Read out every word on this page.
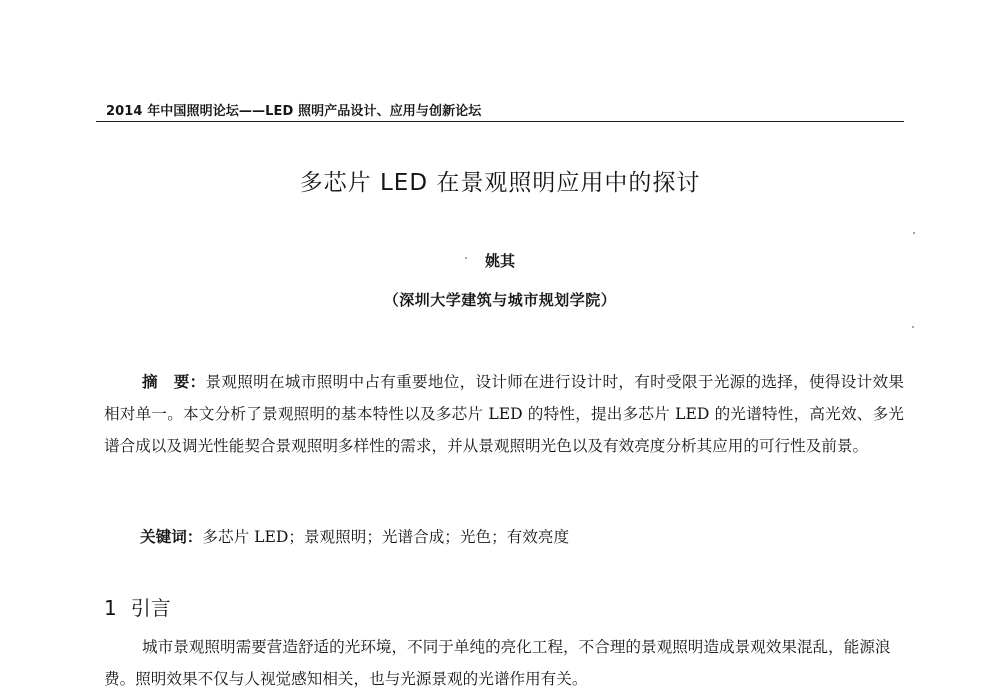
2014 年中国照明论坛——LED 照明产品设计、应用与创新论坛
多芯片 LED 在景观照明应用中的探讨
姚其
（深圳大学建筑与城市规划学院）

摘　要：景观照明在城市照明中占有重要地位，设计师在进行设计时，有时受限于光源的选择，使得设计效果相对单一。本文分析了景观照明的基本特性以及多芯片 LED 的特性，提出多芯片 LED 的光谱特性，高光效、多光谱合成以及调光性能契合景观照明多样性的需求，并从景观照明光色以及有效亮度分析其应用的可行性及前景。

关键词：多芯片 LED；景观照明；光谱合成；光色；有效亮度
1 引言

城市景观照明需要营造舒适的光环境，不同于单纯的亮化工程，不合理的景观照明造成景观效果混乱，能源浪费。照明效果不仅与人视觉感知相关，也与光源景观的光谱作用有关。
